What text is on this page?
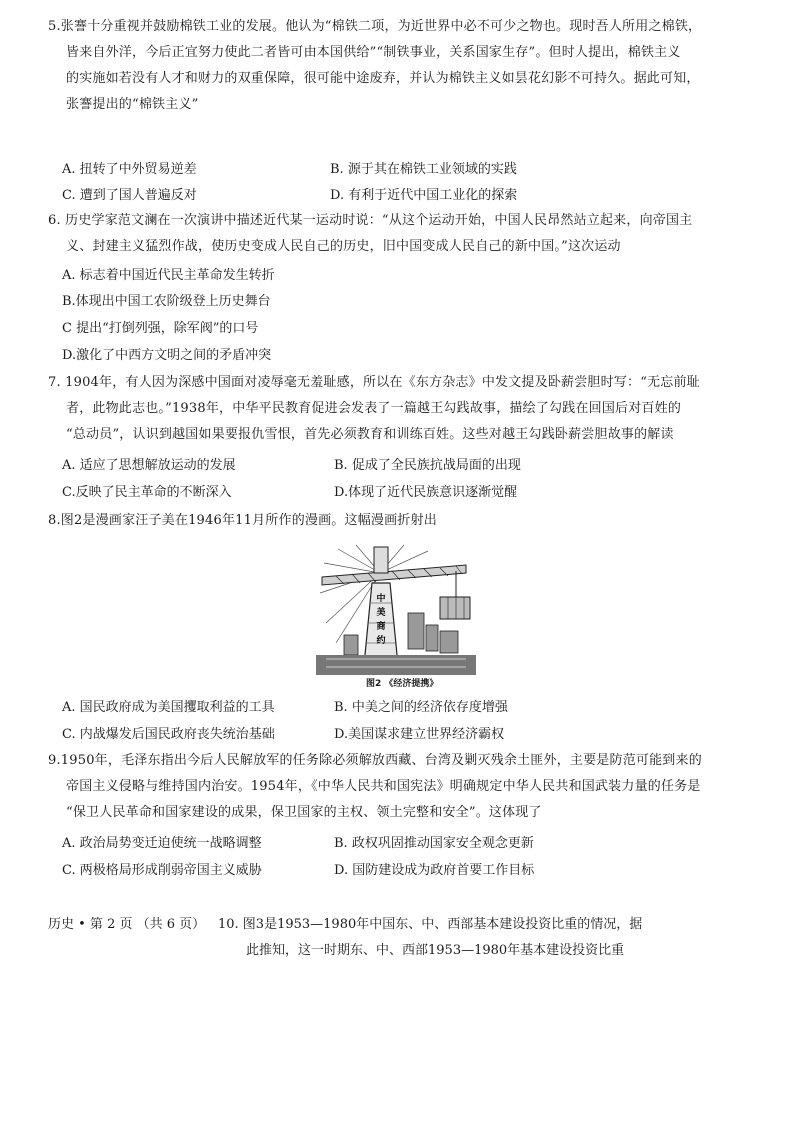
5.张謇十分重视并鼓励棉铁工业的发展。他认为“棉铁二项，为近世界中必不可少之物也。现时吾人所用之棉铁，
皆来自外洋，今后正宜努力使此二者皆可由本国供给”“制铁事业，关系国家生存”。但时人提出，棉铁主义
的实施如若没有人才和财力的双重保障，很可能中途废弃，并认为棉铁主义如昙花幻影不可持久。据此可知，
张謇提出的“棉铁主义”
A. 扭转了中外贸易逆差	B. 源于其在棉铁工业领域的实践
C. 遭到了国人普遍反对	D. 有利于近代中国工业化的探索
6. 历史学家范文澜在一次演讲中描述近代某一运动时说：“从这个运动开始，中国人民昂然站立起来，向帝国主
义、封建主义猛烈作战，使历史变成人民自己的历史，旧中国变成人民自己的新中国。”这次运动
A. 标志着中国近代民主革命发生转折
B.体现出中国工农阶级登上历史舞台
C 提出“打倒列强，除军阀”的口号
D.激化了中西方文明之间的矛盾冲突
7. 1904年，有人因为深感中国面对凌辱毫无羞耻感，所以在《东方杂志》中发文提及卧薪尝胆时写：“无忘前耻
者，此物此志也。”1938年，中华平民教育促进会发表了一篇越王勾践故事，描绘了勾践在回国后对百姓的
“总动员”，认识到越国如果要报仇雪恨，首先必须教育和训练百姓。这些对越王勾践卧薪尝胆故事的解读
A. 适应了思想解放运动的发展	B. 促成了全民族抗战局面的出现
C.反映了民主革命的不断深入	D.体现了近代民族意识逐渐觉醒
8.图2是漫画家汪子美在1946年11月所作的漫画。这幅漫画折射出
中
美
商
约
图2 《经济提携》
A. 国民政府成为美国攫取利益的工具	B. 中美之间的经济依存度增强
C. 内战爆发后国民政府丧失统治基础	D.美国谋求建立世界经济霸权
9.1950年，毛泽东指出今后人民解放军的任务除必须解放西藏、台湾及剿灭残余土匪外，主要是防范可能到来的
帝国主义侵略与维持国内治安。1954年，《中华人民共和国宪法》明确规定中华人民共和国武装力量的任务是
“保卫人民革命和国家建设的成果，保卫国家的主权、领土完整和安全”。这体现了
A. 政治局势变迁迫使统一战略调整	B. 政权巩固推动国家安全观念更新
C. 两极格局形成削弱帝国主义威胁	D. 国防建设成为政府首要工作目标
历史 • 第 2 页 （共 6 页） 10. 图3是1953—1980年中国东、中、西部基本建设投资比重的情况，据
此推知，这一时期东、中、西部1953—1980年基本建设投资比重
